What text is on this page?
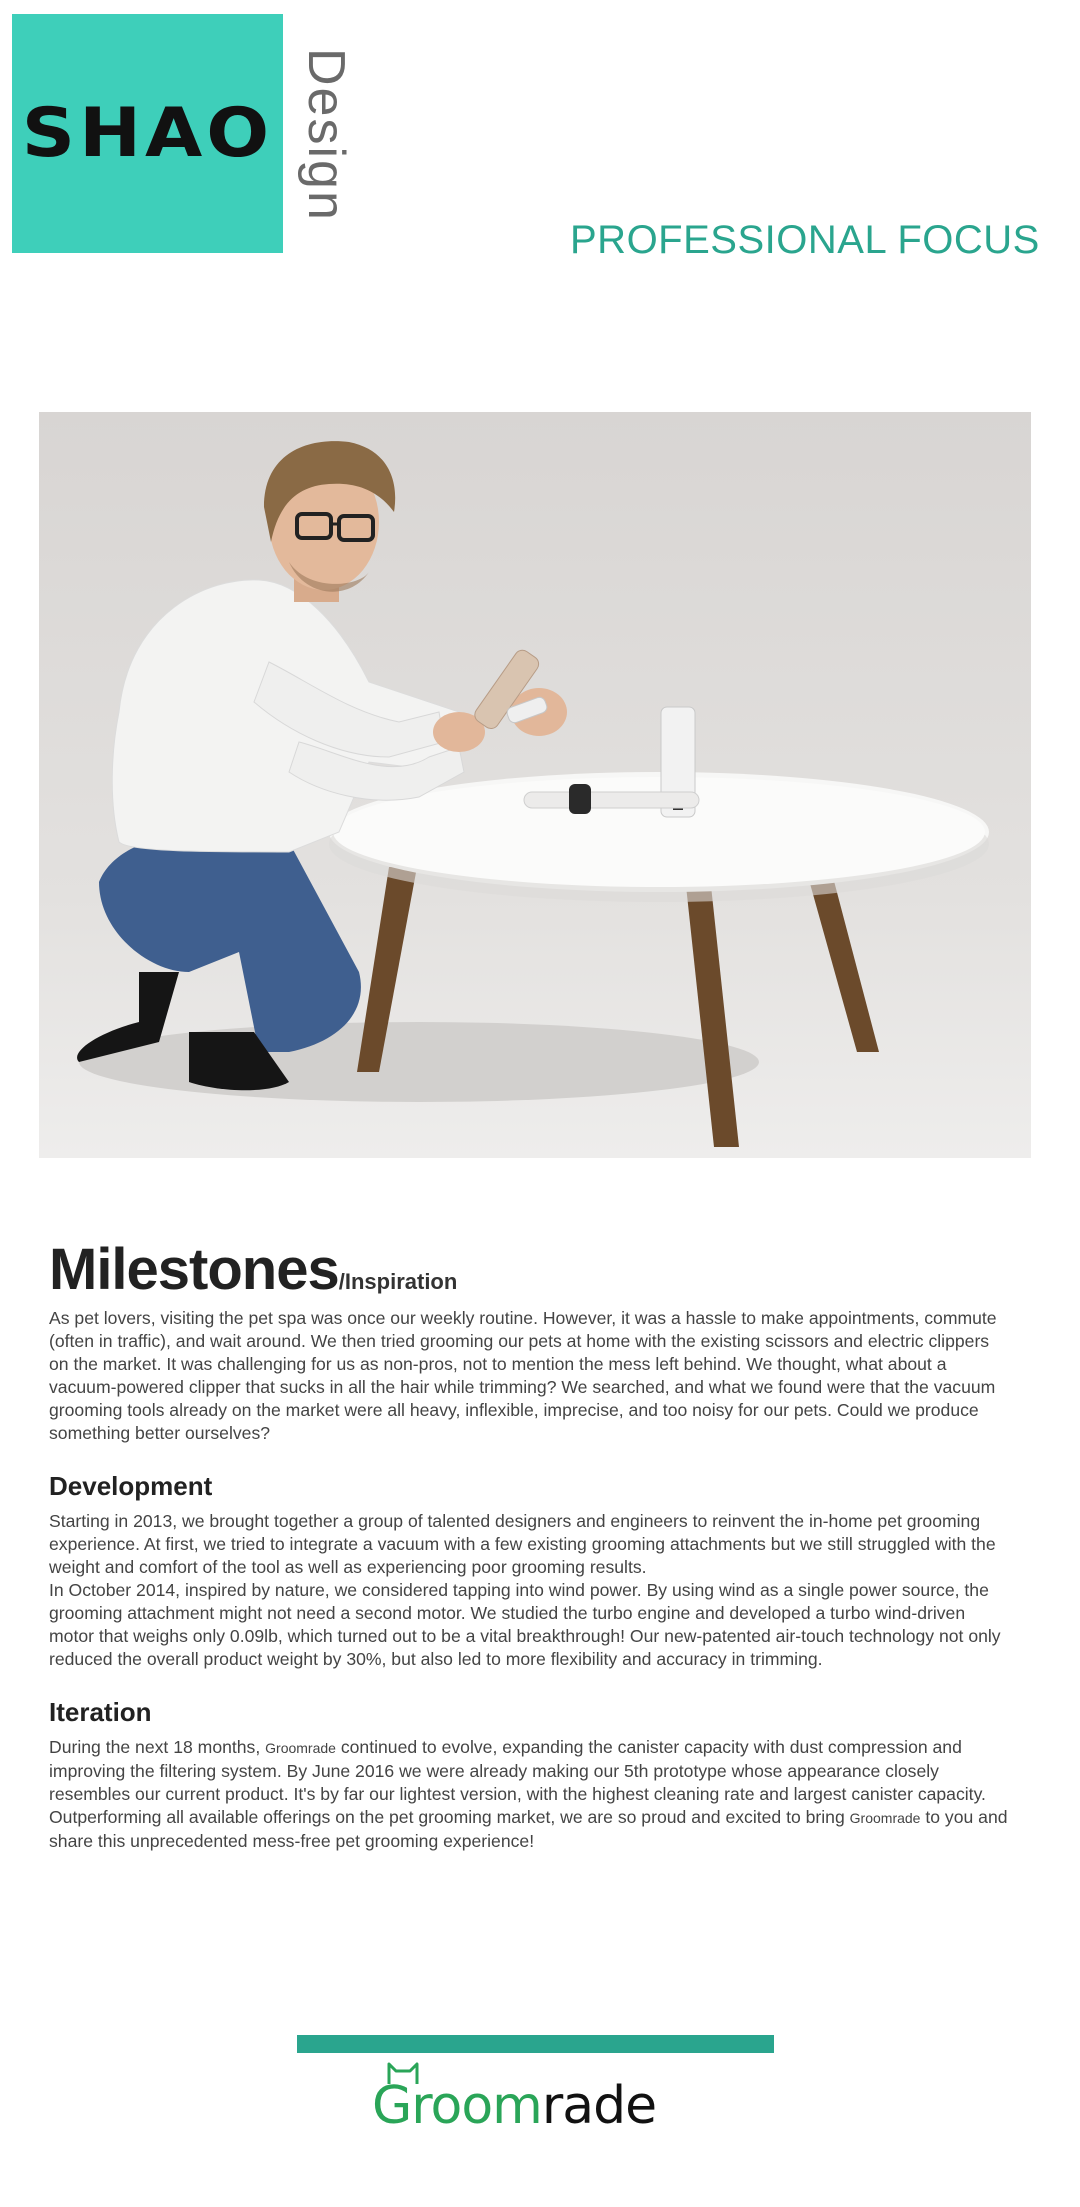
SHAO Design
PROFESSIONAL FOCUS
Milestones/Inspiration

As pet lovers, visiting the pet spa was once our weekly routine. However, it was a hassle to make appointments, commute (often in traffic), and wait around. We then tried grooming our pets at home with the existing scissors and electric clippers on the market. It was challenging for us as non-pros, not to mention the mess left behind. We thought, what about a vacuum-powered clipper that sucks in all the hair while trimming? We searched, and what we found were that the vacuum grooming tools already on the market were all heavy, inflexible, imprecise, and too noisy for our pets. Could we produce something better ourselves?

Development

Starting in 2013, we brought together a group of talented designers and engineers to reinvent the in-home pet grooming experience. At first, we tried to integrate a vacuum with a few existing grooming attachments but we still struggled with the weight and comfort of the tool as well as experiencing poor grooming results.

In October 2014, inspired by nature, we considered tapping into wind power. By using wind as a single power source, the grooming attachment might not need a second motor. We studied the turbo engine and developed a turbo wind-driven motor that weighs only 0.09lb, which turned out to be a vital breakthrough! Our new-patented air-touch technology not only reduced the overall product weight by 30%, but also led to more flexibility and accuracy in trimming.

Iteration

During the next 18 months, Groomrade continued to evolve, expanding the canister capacity with dust compression and improving the filtering system. By June 2016 we were already making our 5th prototype whose appearance closely resembles our current product. It's by far our lightest version, with the highest cleaning rate and largest canister capacity. Outperforming all available offerings on the pet grooming market, we are so proud and excited to bring Groomrade to you and share this unprecedented mess-free pet grooming experience!

Groomrade
